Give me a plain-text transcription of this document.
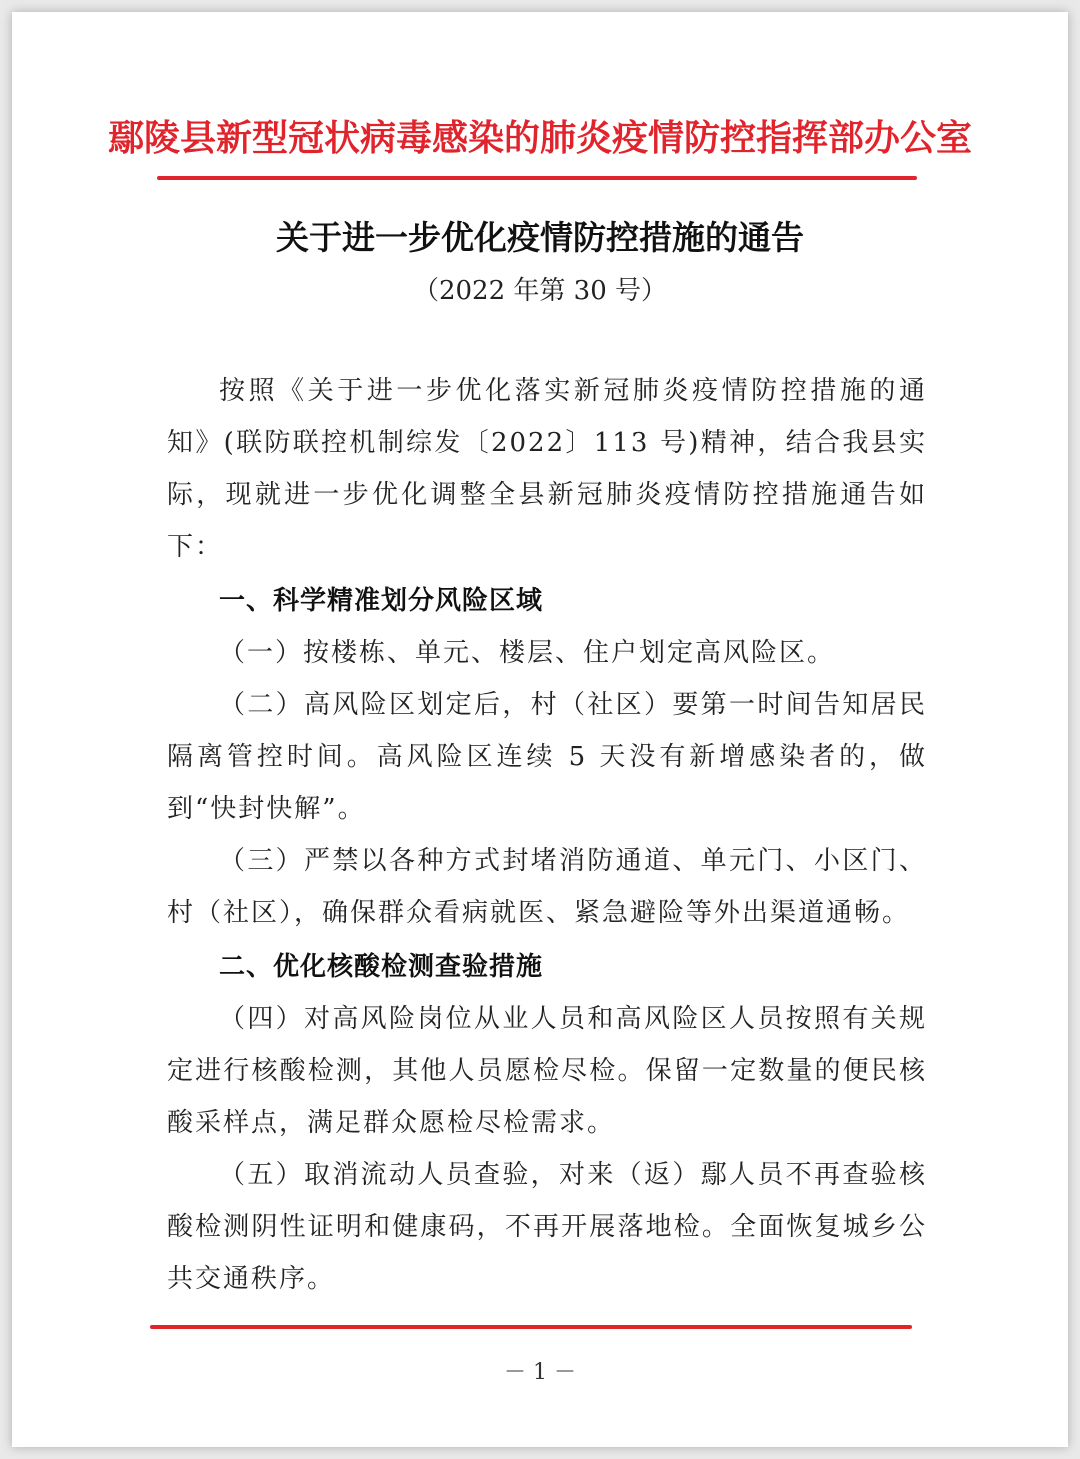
鄢陵县新型冠状病毒感染的肺炎疫情防控指挥部办公室
关于进一步优化疫情防控措施的通告
（2022 年第 30 号）

按照《关于进一步优化落实新冠肺炎疫情防控措施的通知》(联防联控机制综发〔2022〕113 号)精神，结合我县实际，现就进一步优化调整全县新冠肺炎疫情防控措施通告如下：

一、科学精准划分风险区域

（一）按楼栋、单元、楼层、住户划定高风险区。

（二）高风险区划定后，村（社区）要第一时间告知居民隔离管控时间。高风险区连续 5 天没有新增感染者的，做到“快封快解”。

（三）严禁以各种方式封堵消防通道、单元门、小区门、村（社区），确保群众看病就医、紧急避险等外出渠道通畅。

二、优化核酸检测查验措施

（四）对高风险岗位从业人员和高风险区人员按照有关规定进行核酸检测，其他人员愿检尽检。保留一定数量的便民核酸采样点，满足群众愿检尽检需求。

（五）取消流动人员查验，对来（返）鄢人员不再查验核酸检测阴性证明和健康码，不再开展落地检。全面恢复城乡公共交通秩序。

－ 1 －
